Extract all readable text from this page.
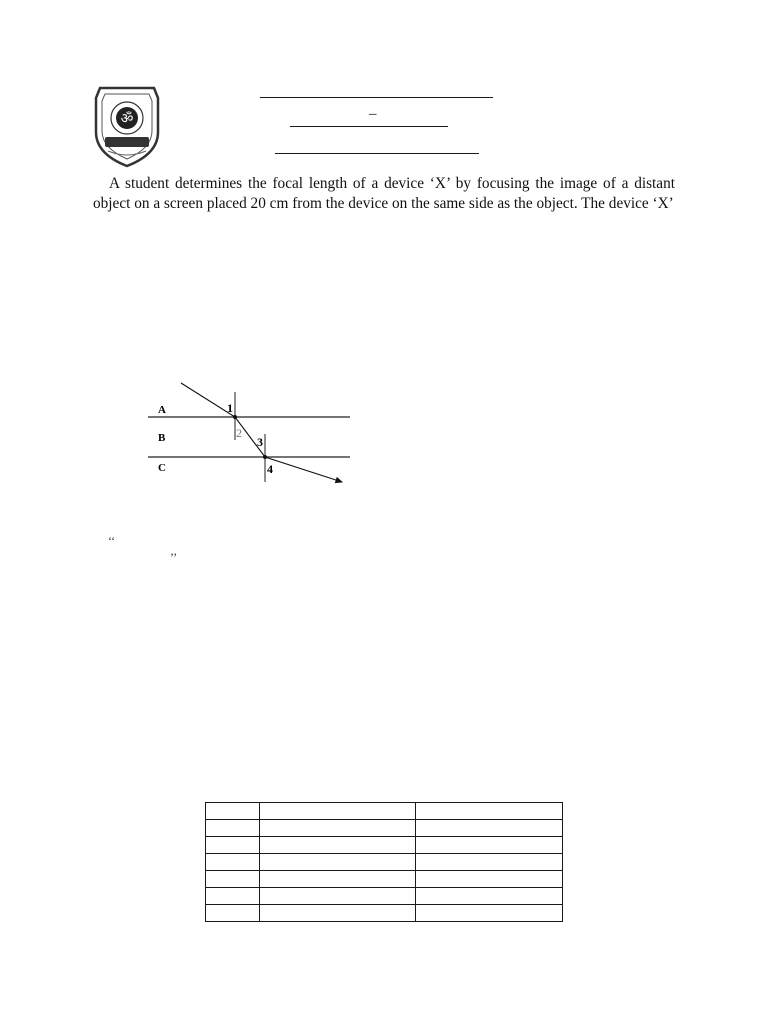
ॐ	–

A student determines the focal length of a device ‘X’ by focusing the image of a distant object on a screen placed 20 cm from the device on the same side as the object. The device ‘X’

A
B
C
1
2
3
4
‘‘
’’
